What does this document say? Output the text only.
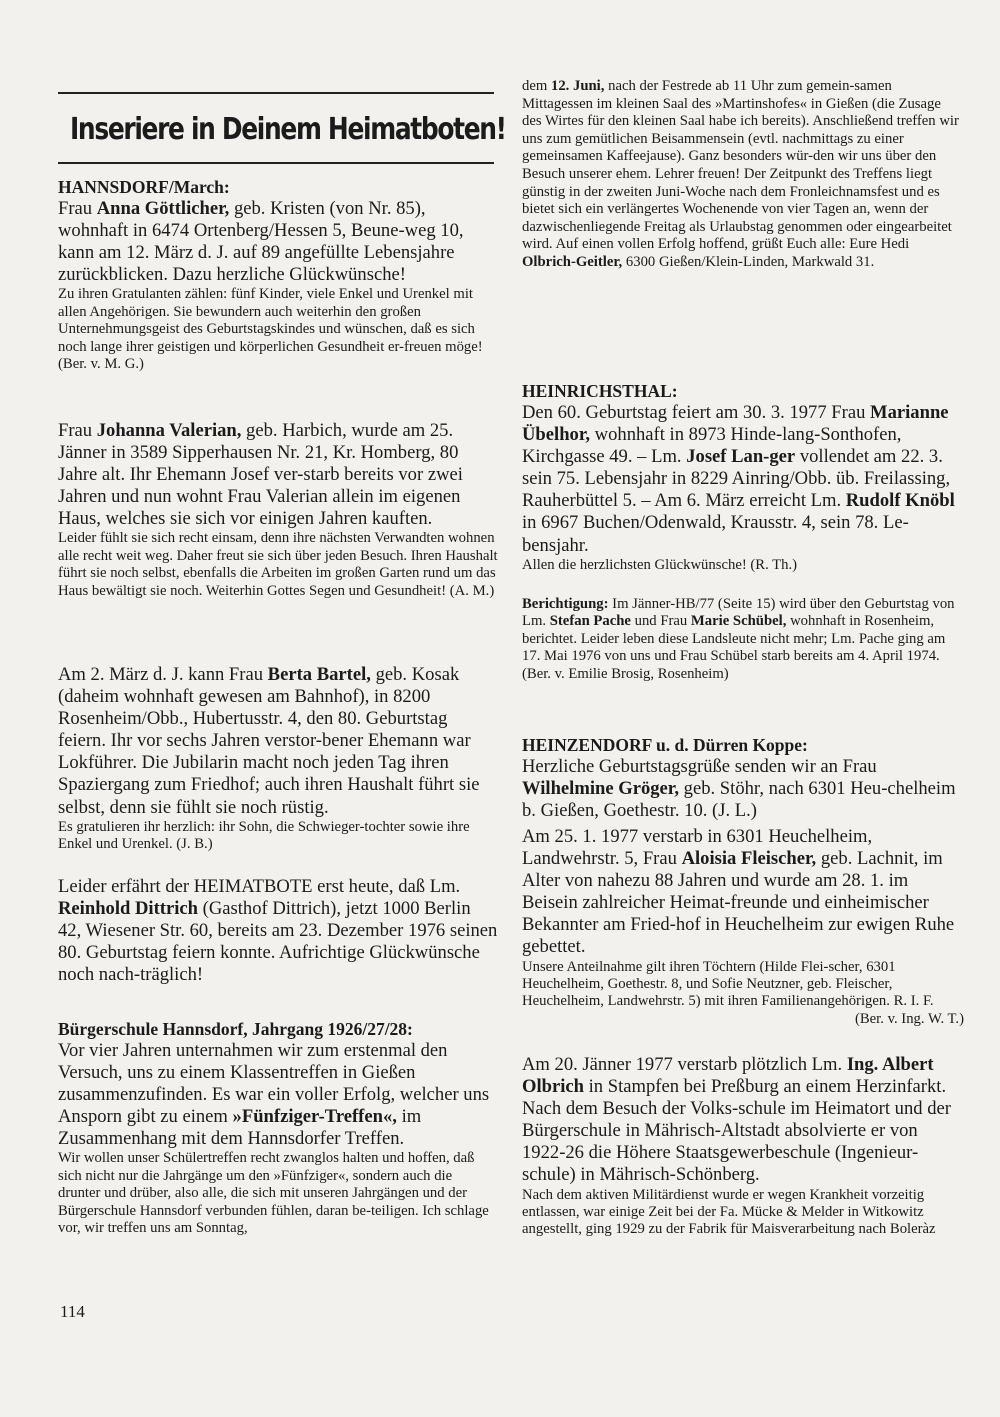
Inseriere in Deinem Heimatboten!

HANNSDORF/March:

Frau Anna Göttlicher, geb. Kristen (von Nr. 85), wohnhaft in 6474 Ortenberg/Hessen 5, Beune-weg 10, kann am 12. März d. J. auf 89 angefüllte Lebensjahre zurückblicken. Dazu herzliche Glückwünsche!

Zu ihren Gratulanten zählen: fünf Kinder, viele Enkel und Urenkel mit allen Angehörigen. Sie bewundern auch weiterhin den großen Unternehmungsgeist des Geburtstagskindes und wünschen, daß es sich noch lange ihrer geistigen und körperlichen Gesundheit er-freuen möge! (Ber. v. M. G.)

Frau Johanna Valerian, geb. Harbich, wurde am 25. Jänner in 3589 Sipperhausen Nr. 21, Kr. Homberg, 80 Jahre alt. Ihr Ehemann Josef ver-starb bereits vor zwei Jahren und nun wohnt Frau Valerian allein im eigenen Haus, welches sie sich vor einigen Jahren kauften.

Leider fühlt sie sich recht einsam, denn ihre nächsten Verwandten wohnen alle recht weit weg. Daher freut sie sich über jeden Besuch. Ihren Haushalt führt sie noch selbst, ebenfalls die Arbeiten im großen Garten rund um das Haus bewältigt sie noch. Weiterhin Gottes Segen und Gesundheit! (A. M.)

Am 2. März d. J. kann Frau Berta Bartel, geb. Kosak (daheim wohnhaft gewesen am Bahnhof), in 8200 Rosenheim/Obb., Hubertusstr. 4, den 80. Geburtstag feiern. Ihr vor sechs Jahren verstor-bener Ehemann war Lokführer. Die Jubilarin macht noch jeden Tag ihren Spaziergang zum Friedhof; auch ihren Haushalt führt sie selbst, denn sie fühlt sie noch rüstig.

Es gratulieren ihr herzlich: ihr Sohn, die Schwieger-tochter sowie ihre Enkel und Urenkel. (J. B.)

Leider erfährt der HEIMATBOTE erst heute, daß Lm. Reinhold Dittrich (Gasthof Dittrich), jetzt 1000 Berlin 42, Wiesener Str. 60, bereits am 23. Dezember 1976 seinen 80. Geburtstag feiern konnte. Aufrichtige Glückwünsche noch nach-träglich!

Bürgerschule Hannsdorf, Jahrgang 1926/27/28:

Vor vier Jahren unternahmen wir zum erstenmal den Versuch, uns zu einem Klassentreffen in Gießen zusammenzufinden. Es war ein voller Erfolg, welcher uns Ansporn gibt zu einem »Fünfziger-Treffen«, im Zusammenhang mit dem Hannsdorfer Treffen.

Wir wollen unser Schülertreffen recht zwanglos halten und hoffen, daß sich nicht nur die Jahrgänge um den »Fünfziger«, sondern auch die drunter und drüber, also alle, die sich mit unseren Jahrgängen und der Bürgerschule Hannsdorf verbunden fühlen, daran be-teiligen. Ich schlage vor, wir treffen uns am Sonntag,

dem 12. Juni, nach der Festrede ab 11 Uhr zum gemein-samen Mittagessen im kleinen Saal des »Martinshofes« in Gießen (die Zusage des Wirtes für den kleinen Saal habe ich bereits). Anschließend treffen wir uns zum gemütlichen Beisammensein (evtl. nachmittags zu einer gemeinsamen Kaffeejause). Ganz besonders wür-den wir uns über den Besuch unserer ehem. Lehrer freuen! Der Zeitpunkt des Treffens liegt günstig in der zweiten Juni-Woche nach dem Fronleichnamsfest und es bietet sich ein verlängertes Wochenende von vier Tagen an, wenn der dazwischenliegende Freitag als Urlaubstag genommen oder eingearbeitet wird. Auf einen vollen Erfolg hoffend, grüßt Euch alle: Eure Hedi Olbrich-Geitler, 6300 Gießen/Klein-Linden, Markwald 31.

HEINRICHSTHAL:

Den 60. Geburtstag feiert am 30. 3. 1977 Frau Marianne Übelhor, wohnhaft in 8973 Hinde-lang-Sonthofen, Kirchgasse 49. – Lm. Josef Lan-ger vollendet am 22. 3. sein 75. Lebensjahr in 8229 Ainring/Obb. üb. Freilassing, Rauherbüttel 5. – Am 6. März erreicht Lm. Rudolf Knöbl in 6967 Buchen/Odenwald, Krausstr. 4, sein 78. Le-bensjahr.

Allen die herzlichsten Glückwünsche! (R. Th.)

Berichtigung: Im Jänner-HB/77 (Seite 15) wird über den Geburtstag von Lm. Stefan Pache und Frau Marie Schübel, wohnhaft in Rosenheim, berichtet. Leider leben diese Landsleute nicht mehr; Lm. Pache ging am 17. Mai 1976 von uns und Frau Schübel starb bereits am 4. April 1974. (Ber. v. Emilie Brosig, Rosenheim)

HEINZENDORF u. d. Dürren Koppe:

Herzliche Geburtstagsgrüße senden wir an Frau Wilhelmine Gröger, geb. Stöhr, nach 6301 Heu-chelheim b. Gießen, Goethestr. 10. (J. L.)

Am 25. 1. 1977 verstarb in 6301 Heuchelheim, Landwehrstr. 5, Frau Aloisia Fleischer, geb. Lachnit, im Alter von nahezu 88 Jahren und wurde am 28. 1. im Beisein zahlreicher Heimat-freunde und einheimischer Bekannter am Fried-hof in Heuchelheim zur ewigen Ruhe gebettet.

Unsere Anteilnahme gilt ihren Töchtern (Hilde Flei-scher, 6301 Heuchelheim, Goethestr. 8, und Sofie Neutzner, geb. Fleischer, Heuchelheim, Landwehrstr. 5) mit ihren Familienangehörigen. R. I. F.

(Ber. v. Ing. W. T.)

Am 20. Jänner 1977 verstarb plötzlich Lm. Ing. Albert Olbrich in Stampfen bei Preßburg an einem Herzinfarkt. Nach dem Besuch der Volks-schule im Heimatort und der Bürgerschule in Mährisch-Altstadt absolvierte er von 1922-26 die Höhere Staatsgewerbeschule (Ingenieur-schule) in Mährisch-Schönberg.

Nach dem aktiven Militärdienst wurde er wegen Krankheit vorzeitig entlassen, war einige Zeit bei der Fa. Mücke & Melder in Witkowitz angestellt, ging 1929 zu der Fabrik für Maisverarbeitung nach Boleràz

114
